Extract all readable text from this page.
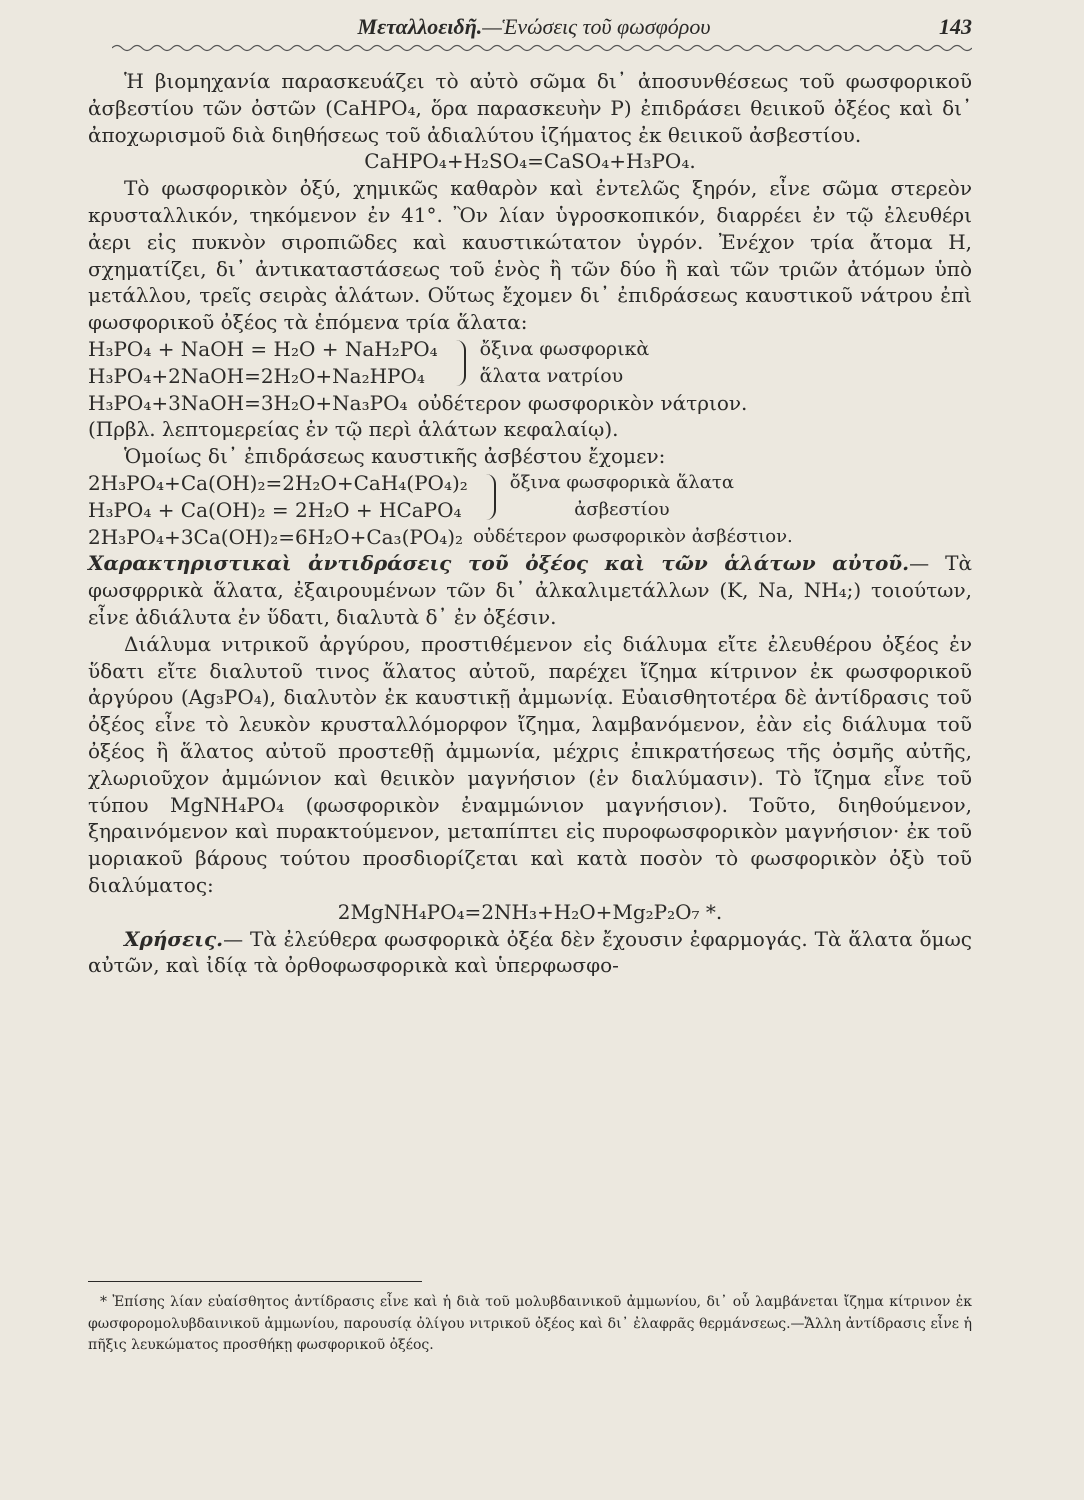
Μεταλλοειδῆ.—Ἑνώσεις τοῦ φωσφόρου	143

Ἡ βιομηχανία παρασκευάζει τὸ αὐτὸ σῶμα δι᾽ ἀποσυνθέσεως τοῦ φωσφορικοῦ ἀσβεστίου τῶν ὀστῶν (CaHPO₄, ὅρα παρασκευὴν P) ἐπιδράσει θειικοῦ ὀξέος καὶ δι᾽ ἀποχωρισμοῦ διὰ διηθήσεως τοῦ ἀδιαλύτου ἰζήματος ἐκ θειικοῦ ἀσβεστίου.

CaHPO₄+H₂SO₄=CaSO₄+H₃PO₄.

Τὸ φωσφορικὸν ὀξύ, χημικῶς καθαρὸν καὶ ἐντελῶς ξηρόν, εἶνε σῶμα στερεὸν κρυσταλλικόν, τηκόμενον ἐν 41°. Ὂν λίαν ὑγροσκοπικόν, διαρρέει ἐν τῷ ἐλευθέρι ἀερι εἰς πυκνὸν σιροπιῶδες καὶ καυστικώτατον ὑγρόν. Ἐνέχον τρία ἄτομα H, σχηματίζει, δι᾽ ἀντικαταστάσεως τοῦ ἑνὸς ἢ τῶν δύο ἢ καὶ τῶν τριῶν ἀτόμων ὑπὸ μετάλλου, τρεῖς σειρὰς ἁλάτων. Οὕτως ἔχομεν δι᾽ ἐπιδράσεως καυστικοῦ νάτρου ἐπὶ φωσφορικοῦ ὀξέος τὰ ἑπόμενα τρία ἅλατα:

H₃PO₄ + NaOH = H₂O + NaH₂PO₄
H₃PO₄+2NaOH=2H₂O+Na₂HPO₄
ὄξινα φωσφορικὰ
ἅλατα νατρίου
H₃PO₄+3NaOH=3H₂O+Na₃PO₄ οὐδέτερον φωσφορικὸν νάτριον.

(Πρβλ. λεπτομερείας ἐν τῷ περὶ ἁλάτων κεφαλαίῳ).

Ὁμοίως δι᾽ ἐπιδράσεως καυστικῆς ἀσβέστου ἔχομεν:

2H₃PO₄+Ca(OH)₂=2H₂O+CaH₄(PO₄)₂
H₃PO₄ + Ca(OH)₂ = 2H₂O + HCaPO₄
ὄξινα φωσφορικὰ ἅλατα
ἀσβεστίου
2H₃PO₄+3Ca(OH)₂=6H₂O+Ca₃(PO₄)₂ οὐδέτερον φωσφορικὸν ἀσβέστιον.

Χαρακτηριστικαὶ ἀντιδράσεις τοῦ ὀξέος καὶ τῶν ἁλάτων αὐτοῦ.— Τὰ φωσφρρικὰ ἅλατα, ἐξαιρουμένων τῶν δι᾽ ἀλκαλιμετάλλων (K, Na, NH₄;) τοιούτων, εἶνε ἀδιάλυτα ἐν ὕδατι, διαλυτὰ δ᾽ ἐν ὀξέσιν.

Διάλυμα νιτρικοῦ ἀργύρου, προστιθέμενον εἰς διάλυμα εἴτε ἐλευθέρου ὀξέος ἐν ὕδατι εἴτε διαλυτοῦ τινος ἅλατος αὐτοῦ, παρέχει ἴζημα κίτρινον ἐκ φωσφορικοῦ ἀργύρου (Ag₃PO₄), διαλυτὸν ἐκ καυστικῇ ἀμμωνίᾳ. Εὐαισθητοτέρα δὲ ἀντίδρασις τοῦ ὀξέος εἶνε τὸ λευκὸν κρυσταλλόμορφον ἴζημα, λαμβανόμενον, ἐὰν εἰς διάλυμα τοῦ ὀξέος ἢ ἅλατος αὐτοῦ προστεθῇ ἀμμωνία, μέχρις ἐπικρατήσεως τῆς ὀσμῆς αὐτῆς, χλωριοῦχον ἀμμώνιον καὶ θειικὸν μαγνήσιον (ἐν διαλύμασιν). Τὸ ἴζημα εἶνε τοῦ τύπου MgNH₄PO₄ (φωσφορικὸν ἐναμμώνιον μαγνήσιον). Τοῦτο, διηθούμενον, ξηραινόμενον καὶ πυρακτούμενον, μεταπίπτει εἰς πυροφωσφορικὸν μαγνήσιον· ἐκ τοῦ μοριακοῦ βάρους τούτου προσδιορίζεται καὶ κατὰ ποσὸν τὸ φωσφορικὸν ὀξὺ τοῦ διαλύματος:

2MgNH₄PO₄=2NH₃+H₂O+Mg₂P₂O₇ *.

Χρήσεις.— Τὰ ἐλεύθερα φωσφορικὰ ὀξέα δὲν ἔχουσιν ἐφαρμογάς. Τὰ ἅλατα ὅμως αὐτῶν, καὶ ἰδίᾳ τὰ ὀρθοφωσφορικὰ καὶ ὑπερφωσφο-

* Ἐπίσης λίαν εὐαίσθητος ἀντίδρασις εἶνε καὶ ἡ διὰ τοῦ μολυβδαινικοῦ ἀμμωνίου, δι᾽ οὗ λαμβάνεται ἴζημα κίτρινον ἐκ φωσφορομολυβδαινικοῦ ἀμμωνίου, παρουσίᾳ ὀλίγου νιτρικοῦ ὀξέος καὶ δι᾽ ἐλαφρᾶς θερμάνσεως.—Ἄλλη ἀντίδρασις εἶνε ἡ πῆξις λευκώματος προσθήκῃ φωσφορικοῦ ὀξέος.
